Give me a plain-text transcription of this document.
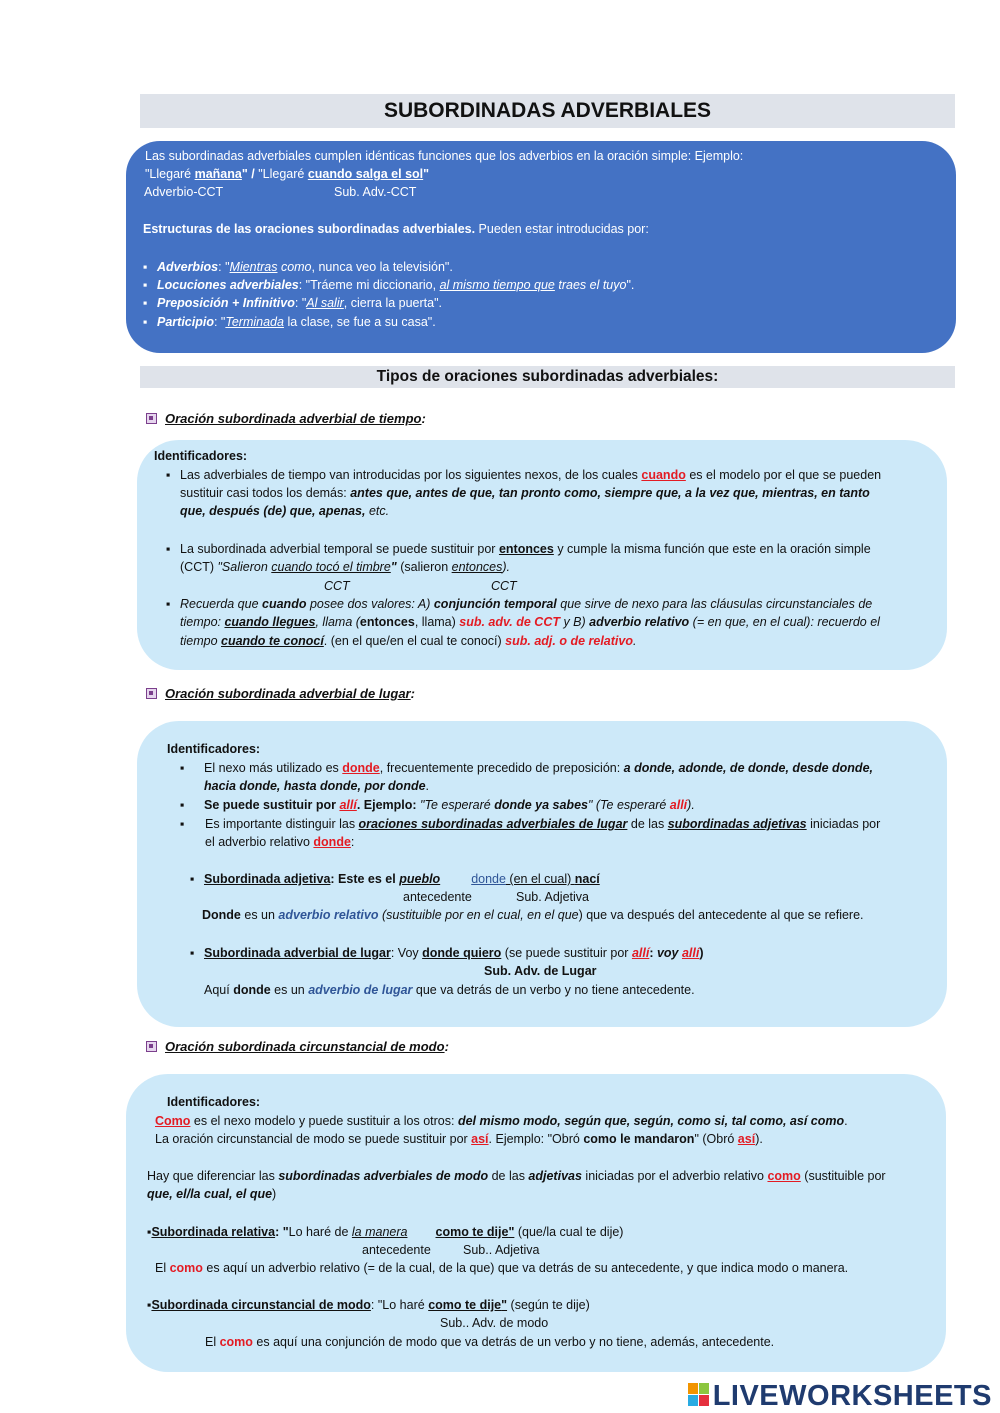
SUBORDINADAS ADVERBIALES
Las subordinadas adverbiales cumplen idénticas funciones que los adverbios en la oración simple: Ejemplo:
"Llegaré mañana" / "Llegaré cuando salga el sol"
Adverbio-CCT	Sub. Adv.-CCT
Estructuras de las oraciones subordinadas adverbiales. Pueden estar introducidas por:
▪ Adverbios: "Mientras como, nunca veo la televisión".
▪ Locuciones adverbiales: "Tráeme mi diccionario, al mismo tiempo que traes el tuyo".
▪ Preposición + Infinitivo: "Al salir, cierra la puerta".
▪ Participio: "Terminada la clase, se fue a su casa".
Tipos de oraciones subordinadas adverbiales:
Oración subordinada adverbial de tiempo:
Identificadores:
▪ Las adverbiales de tiempo van introducidas por los siguientes nexos, de los cuales cuando es el modelo por el que se pueden
sustituir casi todos los demás: antes que, antes de que, tan pronto como, siempre que, a la vez que, mientras, en tanto
que, después (de) que, apenas, etc.
▪ La subordinada adverbial temporal se puede sustituir por entonces y cumple la misma función que este en la oración simple
(CCT) "Salieron cuando tocó el timbre" (salieron entonces).
CCT	CCT
▪ Recuerda que cuando posee dos valores: A) conjunción temporal que sirve de nexo para las cláusulas circunstanciales de
tiempo: cuando llegues, llama (entonces, llama) sub. adv. de CCT y B) adverbio relativo (= en que, en el cual): recuerdo el
tiempo cuando te conocí. (en el que/en el cual te conocí) sub. adj. o de relativo.
Oración subordinada adverbial de lugar:
Identificadores:
▪ El nexo más utilizado es donde, frecuentemente precedido de preposición: a donde, adonde, de donde, desde donde,
hacia donde, hasta donde, por donde.
▪ Se puede sustituir por allí. Ejemplo: "Te esperaré donde ya sabes" (Te esperaré allí).
▪ Es importante distinguir las oraciones subordinadas adverbiales de lugar de las subordinadas adjetivas iniciadas por
el adverbio relativo donde:
▪ Subordinada adjetiva: Este es el pueblo donde (en el cual) nací
antecedente	Sub. Adjetiva
Donde es un adverbio relativo (sustituible por en el cual, en el que) que va después del antecedente al que se refiere.
▪ Subordinada adverbial de lugar: Voy donde quiero (se puede sustituir por allí: voy allí)
Sub. Adv. de Lugar
Aquí donde es un adverbio de lugar que va detrás de un verbo y no tiene antecedente.
Oración subordinada circunstancial de modo:
Identificadores:
Como es el nexo modelo y puede sustituir a los otros: del mismo modo, según que, según, como si, tal como, así como.
La oración circunstancial de modo se puede sustituir por así. Ejemplo: "Obró como le mandaron" (Obró así).
Hay que diferenciar las subordinadas adverbiales de modo de las adjetivas iniciadas por el adverbio relativo como (sustituible por
que, el/la cual, el que)
▪Subordinada relativa: "Lo haré de la manera como te dije" (que/la cual te dije)
antecedente	Sub.. Adjetiva
El como es aquí un adverbio relativo (= de la cual, de la que) que va detrás de su antecedente, y que indica modo o manera.
▪Subordinada circunstancial de modo: "Lo haré como te dije" (según te dije)
Sub.. Adv. de modo
El como es aquí una conjunción de modo que va detrás de un verbo y no tiene, además, antecedente.
LIVEWORKSHEETS
